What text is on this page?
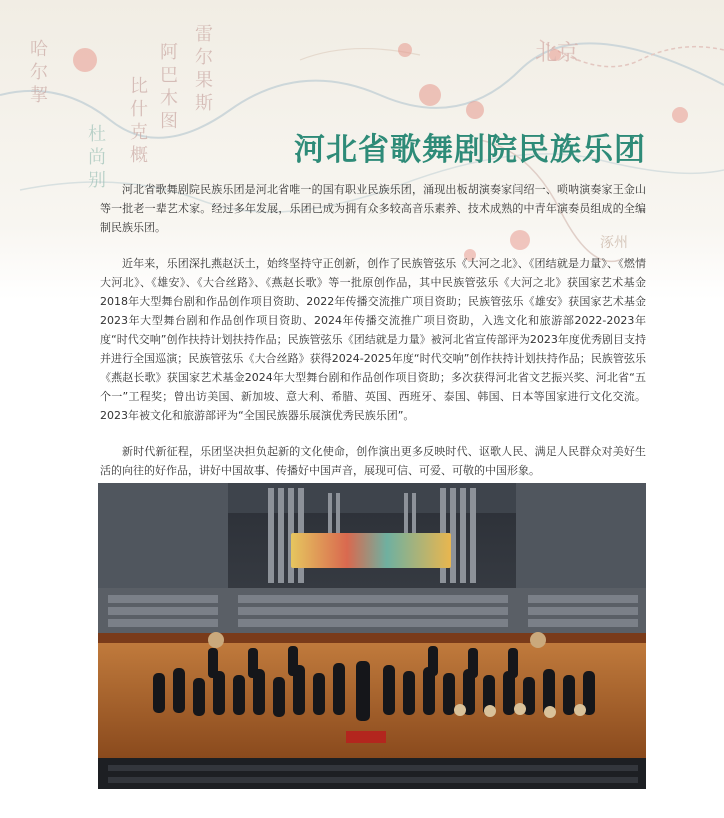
哈
尔
挈
阿
比
什
巴
木
图
克
概
雷
尔
果
斯
杜
尚
别
北京
涿州
河北省歌舞剧院民族乐团

河北省歌舞剧院民族乐团是河北省唯一的国有职业民族乐团，涌现出板胡演奏家闫绍一、唢呐演奏家王金山等一批老一辈艺术家。经过多年发展，乐团已成为拥有众多较高音乐素养、技术成熟的中青年演奏员组成的全编制民族乐团。

近年来，乐团深扎燕赵沃土，始终坚持守正创新，创作了民族管弦乐《大河之北》、《团结就是力量》、《燃情大河北》、《雄安》、《大合丝路》、《燕赵长歌》等一批原创作品，其中民族管弦乐《大河之北》获国家艺术基金2018年大型舞台剧和作品创作项目资助、2022年传播交流推广项目资助；民族管弦乐《雄安》获国家艺术基金2023年大型舞台剧和作品创作项目资助、2024年传播交流推广项目资助，入选文化和旅游部2022-2023年度“时代交响”创作扶持计划扶持作品；民族管弦乐《团结就是力量》被河北省宣传部评为2023年度优秀剧目支持并进行全国巡演；民族管弦乐《大合丝路》获得2024-2025年度“时代交响”创作扶持计划扶持作品；民族管弦乐《燕赵长歌》获国家艺术基金2024年大型舞台剧和作品创作项目资助；多次获得河北省文艺振兴奖、河北省“五个一”工程奖；曾出访美国、新加坡、意大利、希腊、英国、西班牙、泰国、韩国、日本等国家进行文化交流。2023年被文化和旅游部评为“全国民族器乐展演优秀民族乐团”。

新时代新征程，乐团坚决担负起新的文化使命，创作演出更多反映时代、讴歌人民、满足人民群众对美好生活的向往的好作品，讲好中国故事、传播好中国声音，展现可信、可爱、可敬的中国形象。
